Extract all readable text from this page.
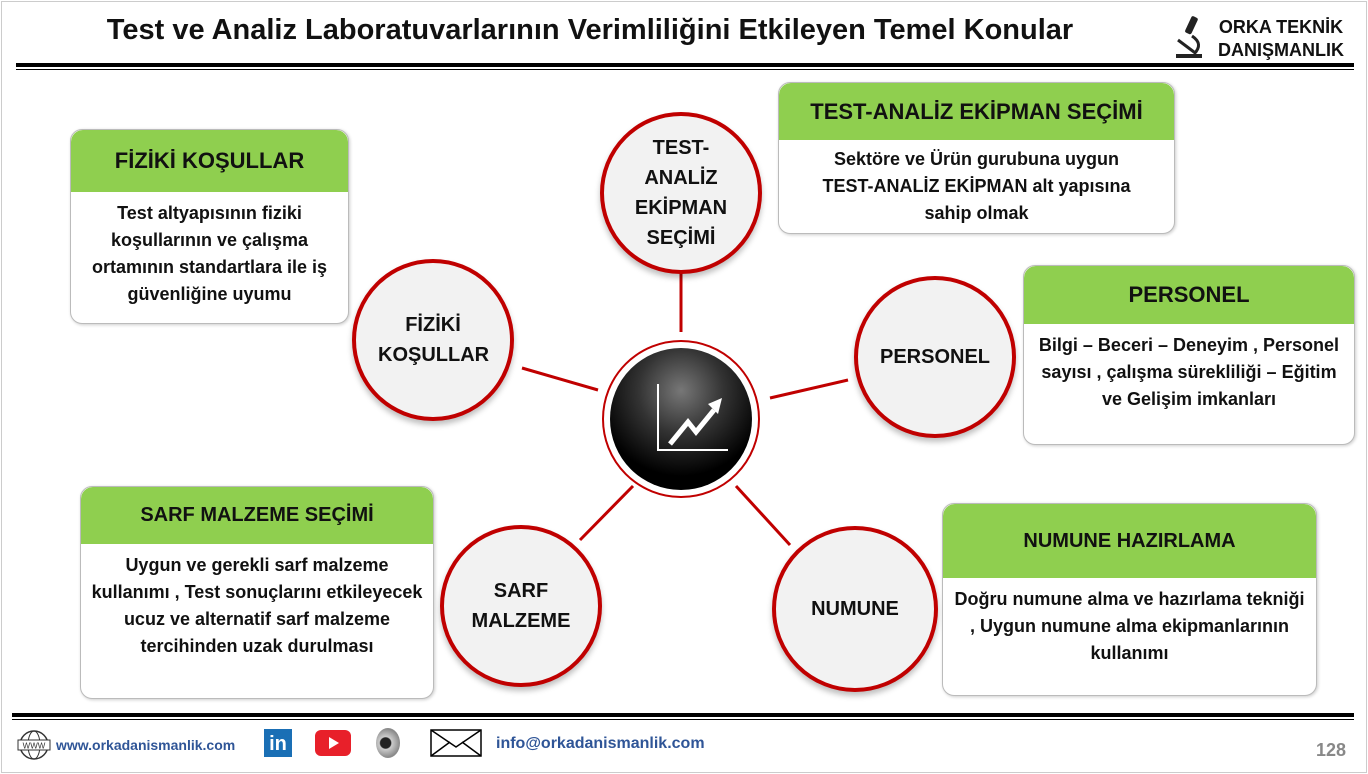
Test ve Analiz Laboratuvarlarının Verimliliğini Etkileyen Temel Konular	ORKA TEKNİK
DANIŞMANLIK
TEST-ANALİZ EKİPMAN SEÇİMİ
FİZİKİ KOŞULLAR	PERSONEL
SARF MALZEME
NUMUNE
FİZİKİ KOŞULLAR
Test altyapısının fiziki koşullarının ve çalışma ortamının standartlara ile iş güvenliğine uyumu
TEST-ANALİZ EKİPMAN SEÇİMİ
Sektöre ve Ürün gurubuna uygun TEST-ANALİZ EKİPMAN alt yapısına sahip olmak
PERSONEL
Bilgi – Beceri – Deneyim , Personel sayısı , çalışma sürekliliği – Eğitim ve Gelişim imkanları
SARF MALZEME SEÇİMİ
Uygun ve gerekli sarf malzeme kullanımı , Test sonuçlarını etkileyecek ucuz ve alternatif sarf malzeme tercihinden uzak durulması
NUMUNE HAZIRLAMA
Doğru numune alma ve hazırlama tekniği , Uygun numune alma ekipmanlarının kullanımı
WWW www.orkadanismanlik.com in	info@orkadanismanlik.com	128
